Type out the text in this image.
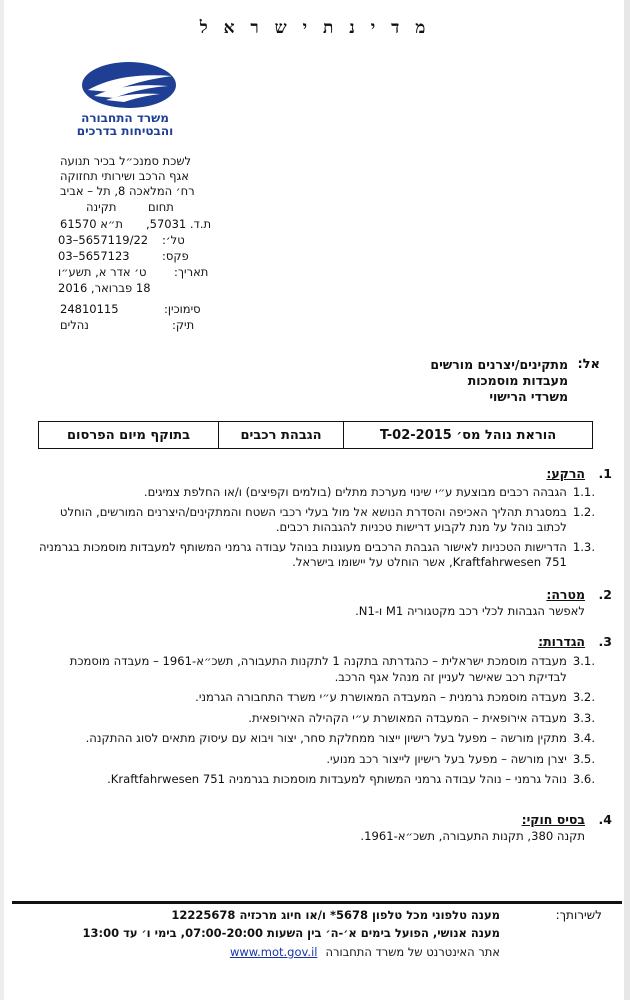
מ ד י נ ת י ש ר א ל
משרד התחבורה
והבטיחות בדרכים
לשכת סמנכ״ל בכיר תנועה
אגף הרכב ושירותי תחזוקה
רח׳ המלאכה 8, תל – אביב
תחום
תקינה
ת.ד. 57031,
ת״א 61570
טל׳:
03–5657119/22
פקס:
03–5657123
תאריך:
ט׳ אדר א, תשע״ו
18 פברואר, 2016
סימוכין:
24810115
תיק:
נהלים
אל:
מתקינים/יצרנים מורשים
מעבדות מוסמכות
משרדי הרישוי
הוראת נוהל מס׳ T-02-2015
הגבהת רכבים
בתוקף מיום הפרסום
.1
הרקע:
.1.1
הגבהה רכבים מבוצעת ע״י שינוי מערכת מתלים (בולמים וקפיצים) ו/או החלפת צמיגים.
.1.2
במסגרת תהליך האכיפה והסדרת הנושא אל מול בעלי רכבי השטח והמתקינים/היצרנים המורשים, הוחלט לכתוב נוהל על מנת לקבוע דרישות טכניות להגבהות רכבים.
.1.3
הדרישות הטכניות לאישור הגבהת הרכבים מעוגנות בנוהל עבודה גרמני המשותף למעבדות מוסמכות בגרמניה Kraftfahrwesen 751, אשר הוחלט על יישומו בישראל.
.2
מטרה:
לאפשר הגבהות לכלי רכב מקטגוריה M1 ו-N1.
.3
הגדרות:
.3.1
מעבדה מוסמכת ישראלית – כהגדרתה בתקנה 1 לתקנות התעבורה, תשכ״א-1961 – מעבדה מוסמכת לבדיקת רכב שאישר לעניין זה מנהל אגף הרכב.
.3.2
מעבדה מוסמכת גרמנית – המעבדה המאושרת ע״י משרד התחבורה הגרמני.
.3.3
מעבדה אירופאית – המעבדה המאושרת ע״י הקהילה האירופאית.
.3.4
מתקין מורשה – מפעל בעל רישיון ייצור ממחלקת סחר, יצור ויבוא עם עיסוק מתאים לסוג ההתקנה.
.3.5
יצרן מורשה – מפעל בעל רישיון לייצור רכב מנועי.
.3.6
נוהל גרמני – נוהל עבודה גרמני המשותף למעבדות מוסמכות בגרמניה Kraftfahrwesen 751.
.4
בסיס חוקי:
תקנה 380, תקנות התעבורה, תשכ״א-1961.
לשירותך:
מענה טלפוני מכל טלפון 5678* ו/או חיוג מרכזיה 12225678
מענה אנושי, הפועל בימים א׳-ה׳ בין השעות 07:00-20:00, בימי ו׳ עד 13:00
אתר האינטרנט של משרד התחבורה
www.mot.gov.il
